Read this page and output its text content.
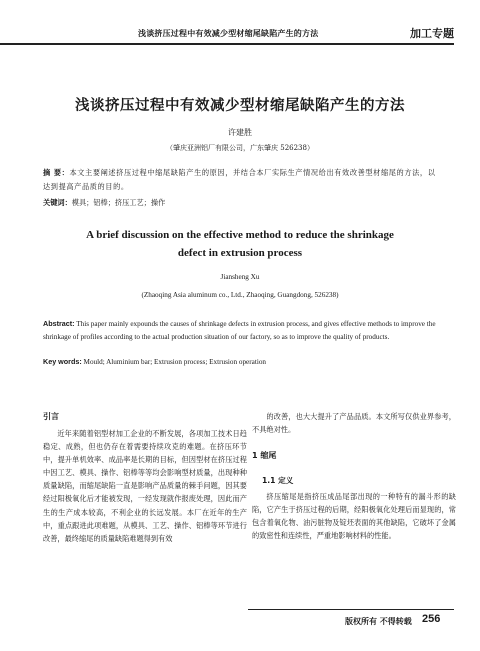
浅谈挤压过程中有效减少型材缩尾缺陷产生的方法	加工专题
浅谈挤压过程中有效减少型材缩尾缺陷产生的方法
许建胜
（肇庆亚洲铝厂有限公司，广东肇庆 526238）
摘 要：本文主要阐述挤压过程中缩尾缺陷产生的原因，并结合本厂实际生产情况给出有效改善型材缩尾的方法，以达到提高产品质的目的。
关键词：模具；铝棒；挤压工艺；操作
A brief discussion on the effective method to reduce the shrinkage
defect in extrusion process
Jiansheng Xu
(Zhaoqing Asia aluminum co., Ltd., Zhaoqing, Guangdong, 526238)
Abstract: This paper mainly expounds the causes of shrinkage defects in extrusion process, and gives effective methods to improve the shrinkage of profiles according to the actual production situation of our factory, so as to improve the quality of products.
Key words: Mould; Aluminium bar; Extrusion process; Extrusion operation
引言
近年来随着铝型材加工企业的不断发展，各项加工技术日趋稳定、成熟，但也仍存在着需要持续攻克的难题。在挤压环节中，提升单机效率、成品率是长期的目标，但因型材在挤压过程中因工艺、模具、操作、铝棒等等均会影响型材质量，出现种种质量缺陷，而缩尾缺陷一直是影响产品质量的棘手问题，因其要经过阳极氧化后才能被发现，一经发现就作报废处理，因此而产生的生产成本较高，不利企业的长远发展。本厂在近年的生产中，重点跟进此项难题，从模具、工艺、操作、铝棒等环节进行改善，最终缩尾的质量缺陷难题得到有效
的改善，也大大提升了产品品质。本文所写仅供业界参考，不具绝对性。
1 缩尾
1.1 定义
挤压缩尾是指挤压成品尾部出现的一种特有的漏斗形的缺陷，它产生于挤压过程的后期，经阳极氧化处理后而显现的，常包含着氧化物、油污脏物及锭坯表面的其他缺陷，它破坏了金属的致密性和连续性，严重地影响材料的性能。
版权所有 不得转载 256
